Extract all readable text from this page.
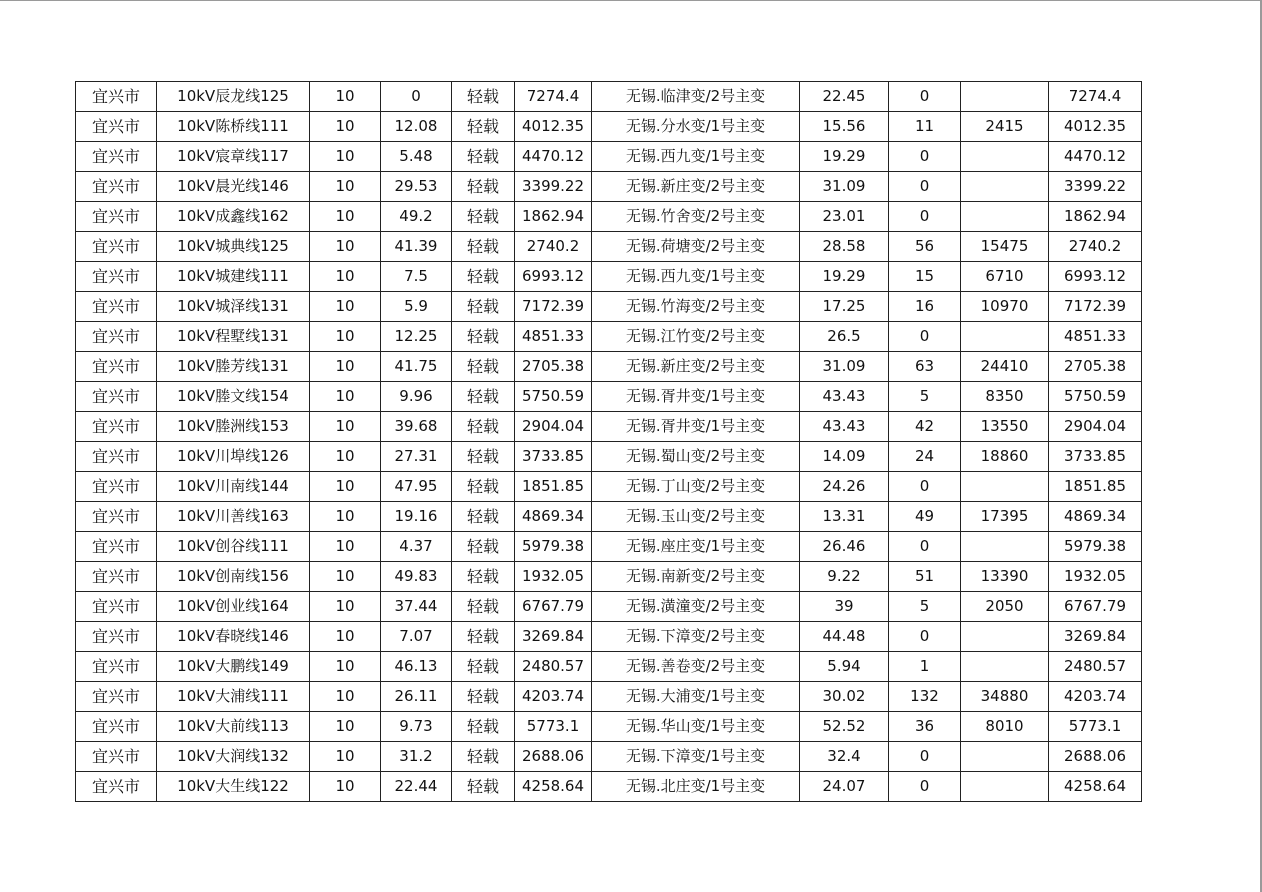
宜兴市	10kV辰龙线125	10	0	轻载	7274.4	无锡.临津变/2号主变	22.45	0		7274.4
宜兴市	10kV陈桥线111	10	12.08	轻载	4012.35	无锡.分水变/1号主变	15.56	11	2415	4012.35
宜兴市	10kV宸章线117	10	5.48	轻载	4470.12	无锡.西九变/1号主变	19.29	0		4470.12
宜兴市	10kV晨光线146	10	29.53	轻载	3399.22	无锡.新庄变/2号主变	31.09	0		3399.22
宜兴市	10kV成鑫线162	10	49.2	轻载	1862.94	无锡.竹舍变/2号主变	23.01	0		1862.94
宜兴市	10kV城典线125	10	41.39	轻载	2740.2	无锡.荷塘变/2号主变	28.58	56	15475	2740.2
宜兴市	10kV城建线111	10	7.5	轻载	6993.12	无锡.西九变/1号主变	19.29	15	6710	6993.12
宜兴市	10kV城泽线131	10	5.9	轻载	7172.39	无锡.竹海变/2号主变	17.25	16	10970	7172.39
宜兴市	10kV程墅线131	10	12.25	轻载	4851.33	无锡.江竹变/2号主变	26.5	0		4851.33
宜兴市	10kV塍芳线131	10	41.75	轻载	2705.38	无锡.新庄变/2号主变	31.09	63	24410	2705.38
宜兴市	10kV塍文线154	10	9.96	轻载	5750.59	无锡.胥井变/1号主变	43.43	5	8350	5750.59
宜兴市	10kV塍洲线153	10	39.68	轻载	2904.04	无锡.胥井变/1号主变	43.43	42	13550	2904.04
宜兴市	10kV川埠线126	10	27.31	轻载	3733.85	无锡.蜀山变/2号主变	14.09	24	18860	3733.85
宜兴市	10kV川南线144	10	47.95	轻载	1851.85	无锡.丁山变/2号主变	24.26	0		1851.85
宜兴市	10kV川善线163	10	19.16	轻载	4869.34	无锡.玉山变/2号主变	13.31	49	17395	4869.34
宜兴市	10kV创谷线111	10	4.37	轻载	5979.38	无锡.座庄变/1号主变	26.46	0		5979.38
宜兴市	10kV创南线156	10	49.83	轻载	1932.05	无锡.南新变/2号主变	9.22	51	13390	1932.05
宜兴市	10kV创业线164	10	37.44	轻载	6767.79	无锡.潢潼变/2号主变	39	5	2050	6767.79
宜兴市	10kV春晓线146	10	7.07	轻载	3269.84	无锡.下漳变/2号主变	44.48	0		3269.84
宜兴市	10kV大鹏线149	10	46.13	轻载	2480.57	无锡.善卷变/2号主变	5.94	1		2480.57
宜兴市	10kV大浦线111	10	26.11	轻载	4203.74	无锡.大浦变/1号主变	30.02	132	34880	4203.74
宜兴市	10kV大前线113	10	9.73	轻载	5773.1	无锡.华山变/1号主变	52.52	36	8010	5773.1
宜兴市	10kV大润线132	10	31.2	轻载	2688.06	无锡.下漳变/1号主变	32.4	0		2688.06
宜兴市	10kV大生线122	10	22.44	轻载	4258.64	无锡.北庄变/1号主变	24.07	0		4258.64
